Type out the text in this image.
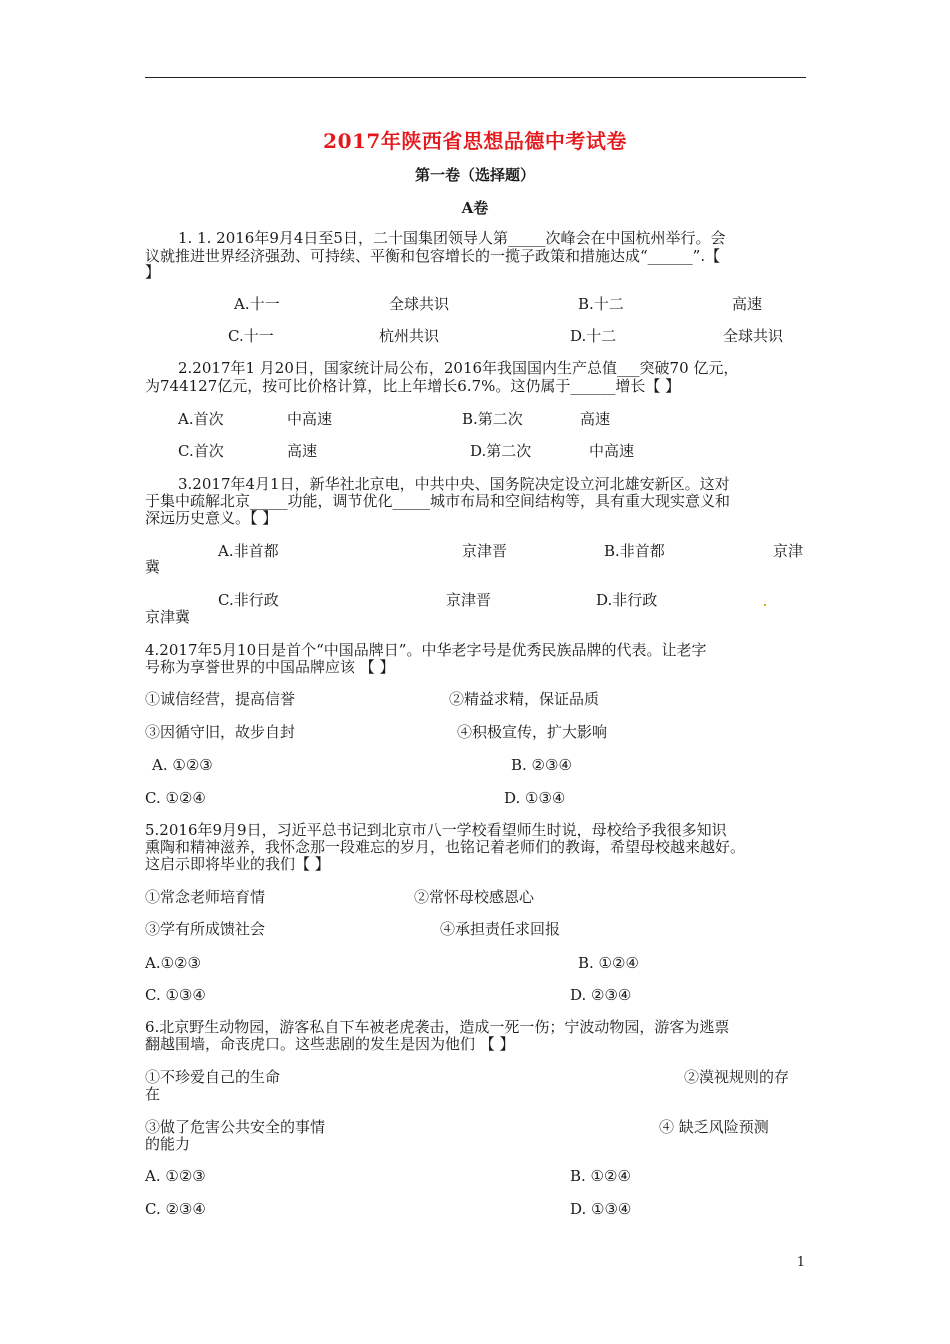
2017年陕西省思想品德中考试卷
第一卷（选择题）
A卷
1. 1. 2016年9月4日至5日，二十国集团领导人第_____次峰会在中国杭州举行。会
议就推进世界经济强劲、可持续、平衡和包容增长的一揽子政策和措施达成“______”.【
】
A.十一	全球共识	B.十二	高速
C.十一	杭州共识	D.十二	全球共识
2.2017年1 月20日，国家统计局公布，2016年我国国内生产总值___突破70 亿元，
为744127亿元，按可比价格计算，比上年增长6.7%。这仍属于______增长【 】
A.首次	中高速	B.第二次	高速
C.首次	高速	D.第二次	中高速
3.2017年4月1日，新华社北京电，中共中央、国务院决定设立河北雄安新区。这对
于集中疏解北京_____功能，调节优化_____城市布局和空间结构等，具有重大现实意义和
深远历史意义。【 】
A.非首都	京津晋	B.非首都	京津
冀
C.非行政	京津晋	D.非行政
京津冀
4.2017年5月10日是首个“中国品牌日”。中华老字号是优秀民族品牌的代表。让老字
号称为享誉世界的中国品牌应该 【 】
①诚信经营，提高信誉	②精益求精，保证品质
③因循守旧，故步自封	④积极宣传，扩大影响
A. ①②③	B. ②③④
C. ①②④	D. ①③④
5.2016年9月9日，习近平总书记到北京市八一学校看望师生时说，母校给予我很多知识
熏陶和精神滋养，我怀念那一段难忘的岁月，也铭记着老师们的教诲，希望母校越来越好。
这启示即将毕业的我们【 】
①常念老师培育情	②常怀母校感恩心
③学有所成馈社会	④承担责任求回报
A.①②③	B. ①②④
C. ①③④	D. ②③④
6.北京野生动物园，游客私自下车被老虎袭击，造成一死一伤；宁波动物园，游客为逃票
翻越围墙，命丧虎口。这些悲剧的发生是因为他们 【 】
①不珍爱自己的生命	②漠视规则的存
在
③做了危害公共安全的事情	④ 缺乏风险预测
的能力
A. ①②③	B. ①②④
C. ②③④	D. ①③④
1
